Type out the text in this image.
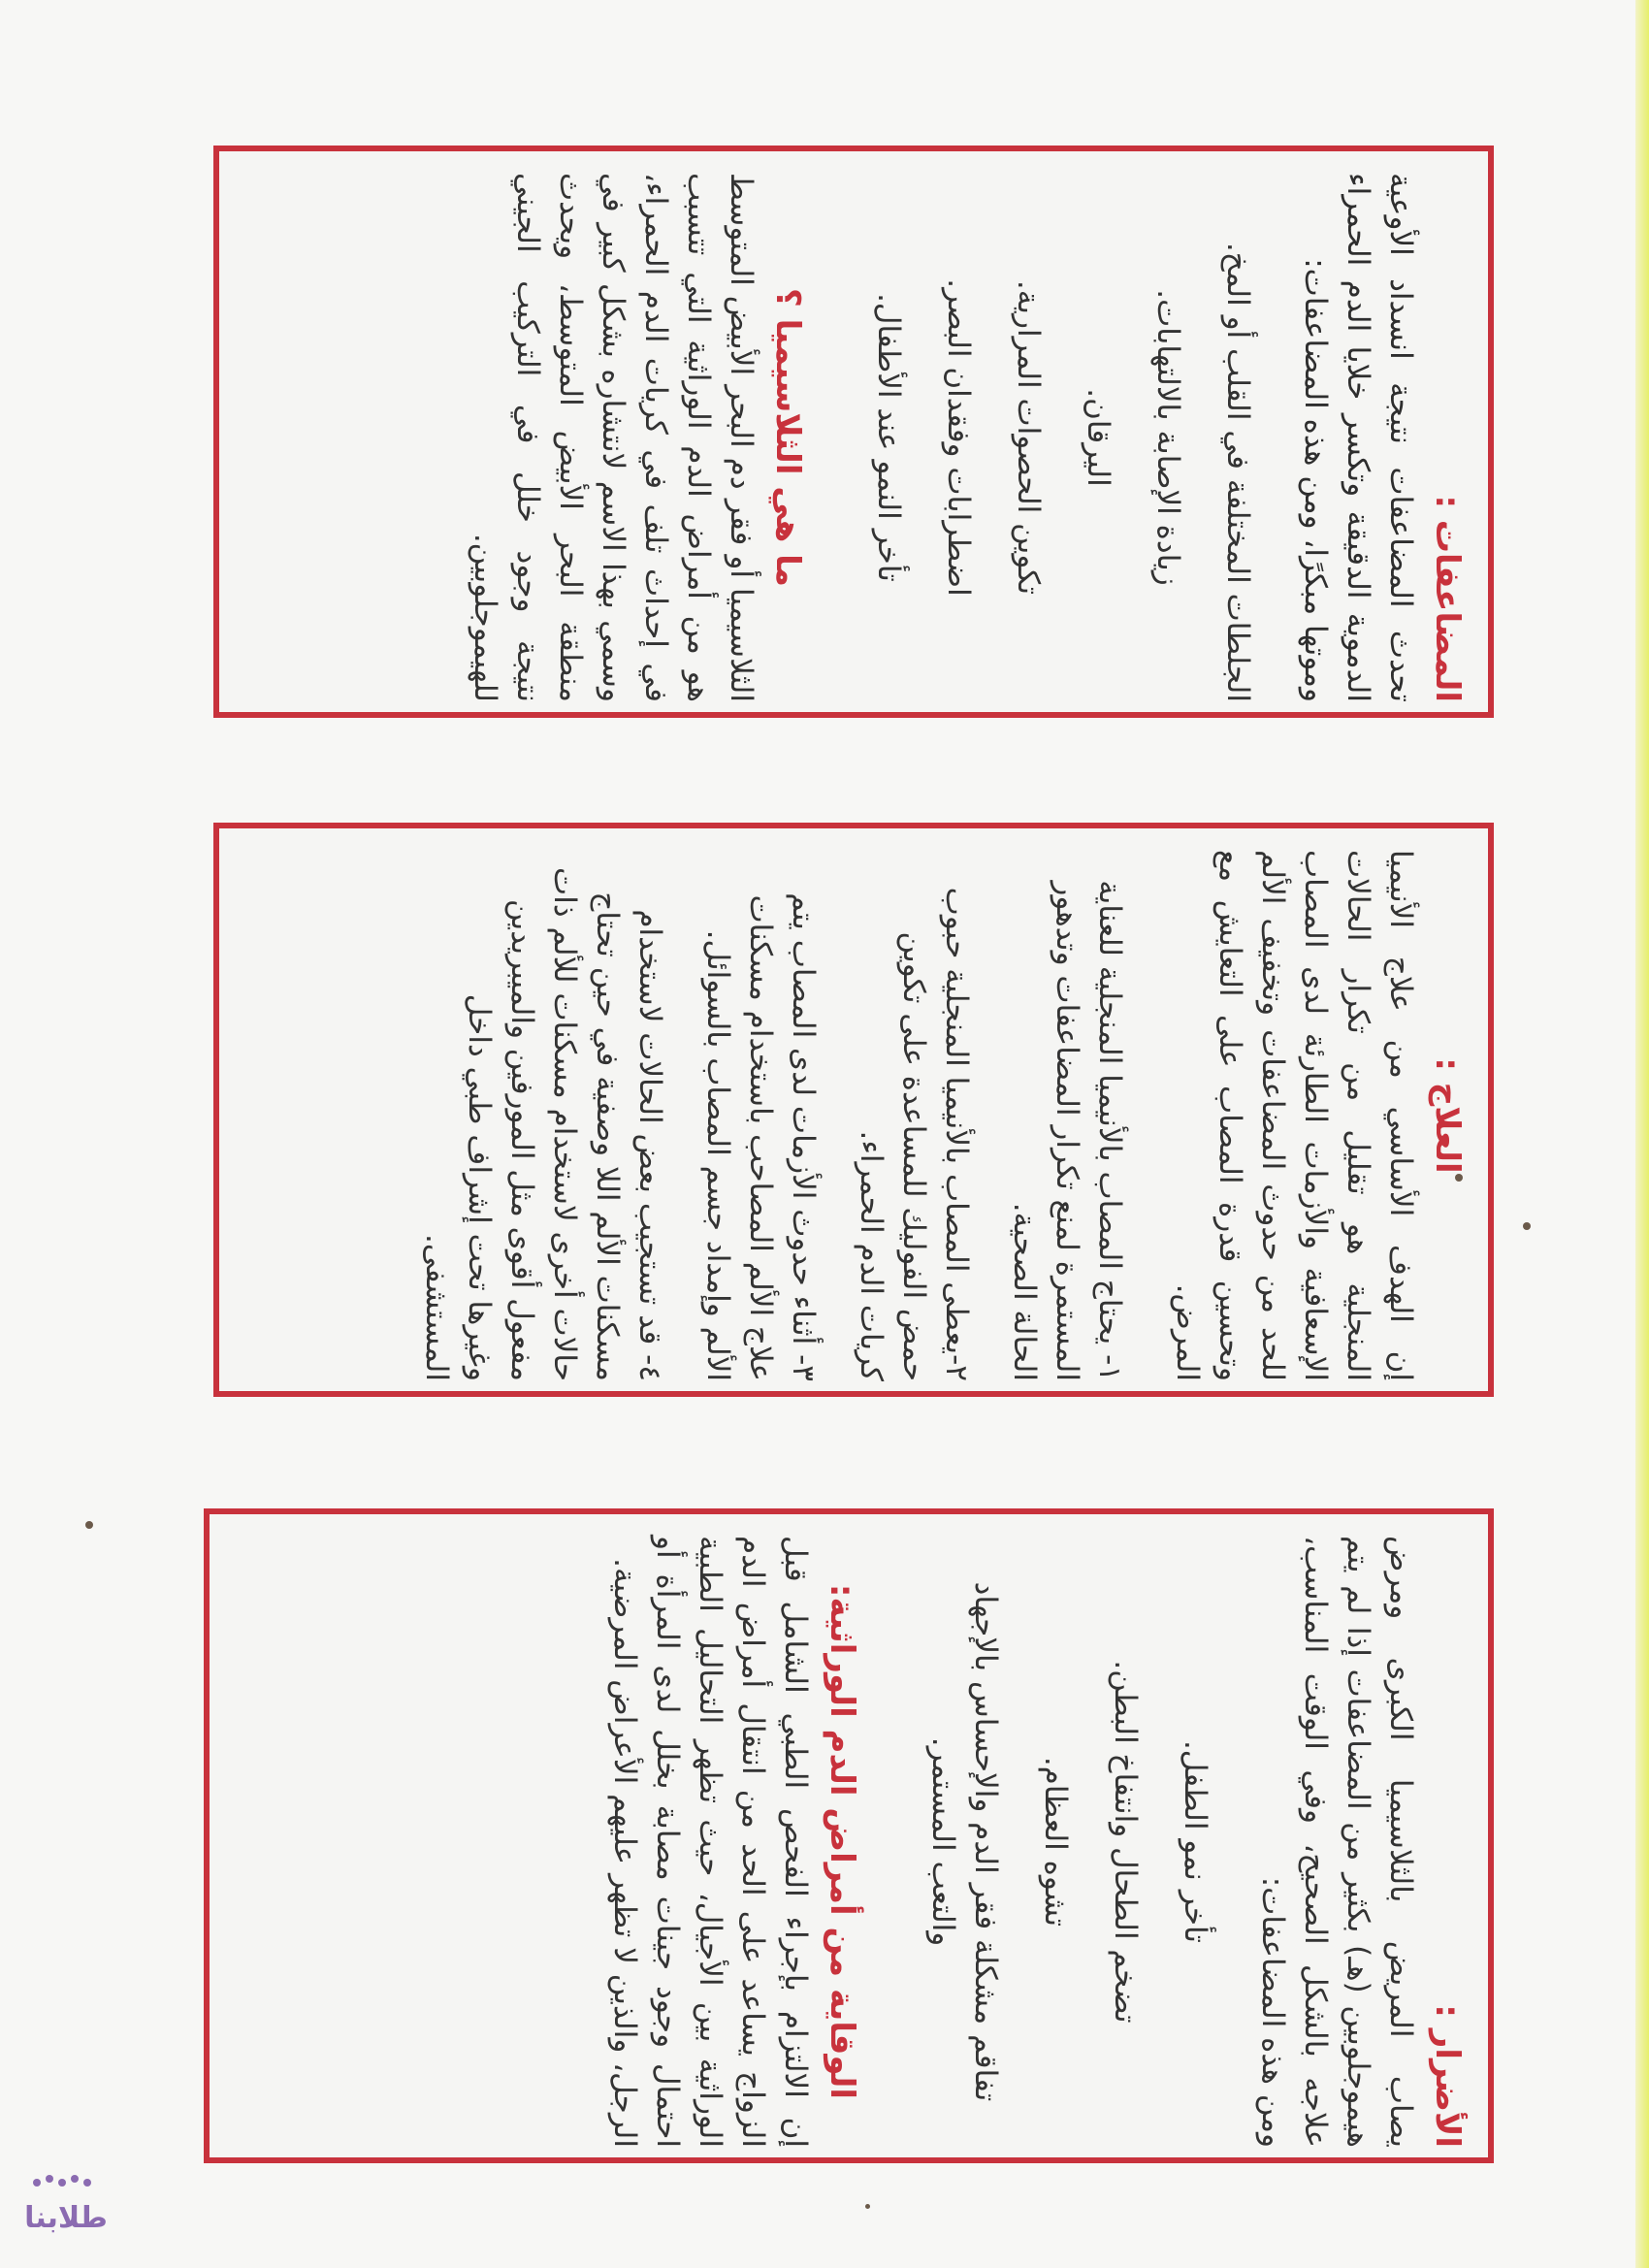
المضاعفات :
تحدث المضاعفات نتيجة انسداد الأوعية الدموية الدقيقة وتكسر خلايا الدم الحمراء وموتها مبكرًا، ومن هذه المضاعفات:
الجلطات المختلفة في القلب أو المخ.
زيادة الإصابة بالالتهابات.
اليرقان.
تكوين الحصوات المرارية.
اضطرابات وفقدان البصر.
تأخر النمو عند الأطفال.
ما هي الثلاسيميا ؟
الثلاسيميا أو فقر دم البحر الأبيض المتوسط هو من أمراض الدم الوراثية التي تتسبب في إحداث تلف في كريات الدم الحمراء، وسمي بهذا الاسم لانتشاره بشكل كبير في منطقة البحر الأبيض المتوسط، ويحدث نتيجة وجود خلل في التركيب الجيني للهيموجلوبين.
العلاج :
إن الهدف الأساسي من علاج الأنيميا المنجلية هو تقليل من تكرار الحالات الإسعافية والأزمات الطارئة لدى المصاب للحد من حدوث المضاعفات وتخفيف الألم وتحسين قدرة المصاب على التعايش مع المرض.
١- يحتاج المصاب بالأنيميا المنجلية للعناية المستمرة لمنع تكرار المضاعفات وتدهور الحالة الصحية.
٢-يعطى المصاب بالأنيميا المنجلية حبوب حمض الفوليك للمساعدة على تكوين كريات الدم الحمراء.
٣- أثناء حدوث الأزمات لدى المصاب يتم علاج الألم المصاحب باستخدام مسكنات الألم وإمداد جسم المصاب بالسوائل.
٤- قد تستجيب بعض الحالات لاستخدام مسكنات الألم اللا وصفية في حين تحتاج حالات أخرى لاستخدام مسكنات للألم ذات مفعول أقوى مثل المورفين والميبريدين وغيرها تحت إشراف طبي داخل المستشفى.
الأضرار :
يصاب المريض بالثلاسيميا الكبرى ومرض هيموجلوبين (هـ) بكثير من المضاعفات إذا لم يتم علاجه بالشكل الصحيح، وفي الوقت المناسب، ومن هذه المضاعفات:
تأخر نمو الطفل.
تضخم الطحال وانتفاخ البطن.
تشوه العظام.
تفاقم مشكلة فقر الدم والإحساس بالإجهاد والتعب المستمر.
الوقاية من أمراض الدم الوراثية:
إن الالتزام بإجراء الفحص الطبي الشامل قبل الزواج يساعد على الحد من انتقال أمراض الدم الوراثية بين الأجيال، حيث تظهر التحاليل الطبية احتمال وجود جينات مصابة بخلل لدى المرأة أو الرجل، والذين لا تظهر عليهم الأعراض المرضية.
طلابنا
